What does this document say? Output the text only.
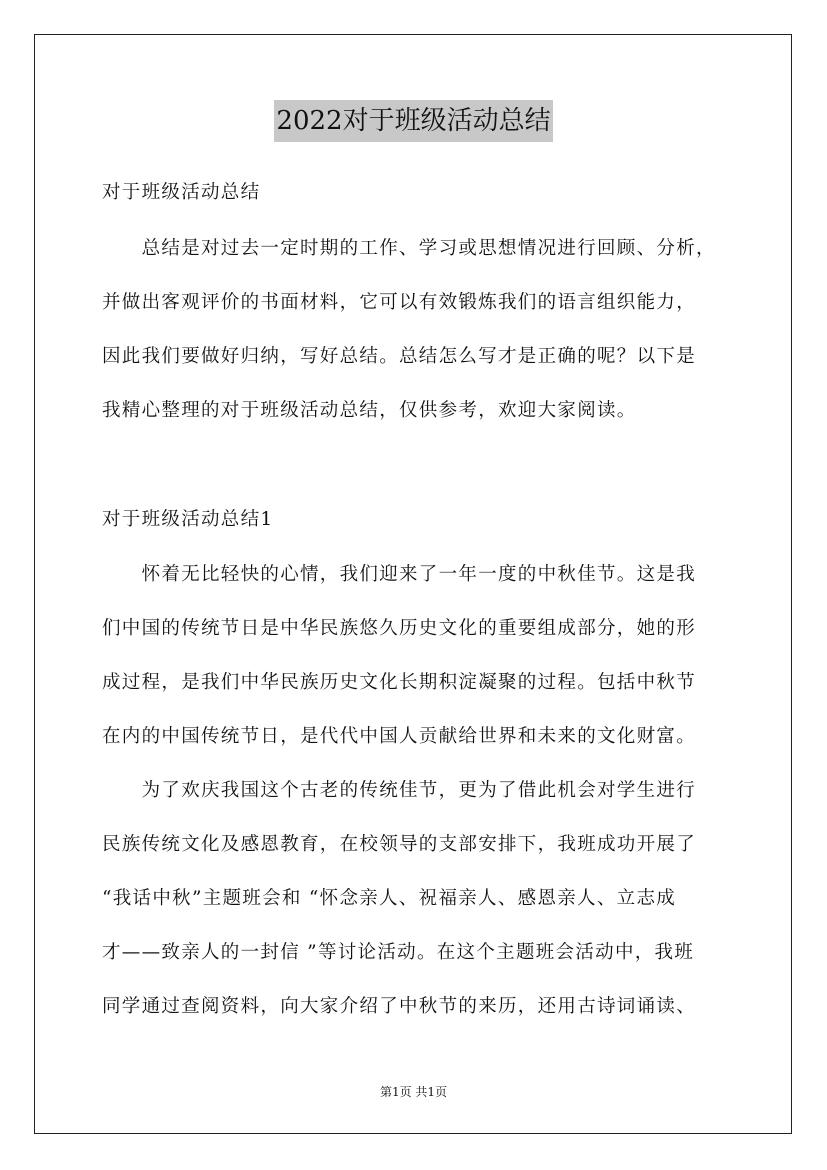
2022对于班级活动总结
对于班级活动总结
　　总结是对过去一定时期的工作、学习或思想情况进行回顾、分析，
并做出客观评价的书面材料，它可以有效锻炼我们的语言组织能力，
因此我们要做好归纳，写好总结。总结怎么写才是正确的呢？以下是
我精心整理的对于班级活动总结，仅供参考，欢迎大家阅读。
对于班级活动总结1
　　怀着无比轻快的心情，我们迎来了一年一度的中秋佳节。这是我
们中国的传统节日是中华民族悠久历史文化的重要组成部分，她的形
成过程，是我们中华民族历史文化长期积淀凝聚的过程。包括中秋节
在内的中国传统节日，是代代中国人贡献给世界和未来的文化财富。
　　为了欢庆我国这个古老的传统佳节，更为了借此机会对学生进行
民族传统文化及感恩教育，在校领导的支部安排下，我班成功开展了
“我话中秋”主题班会和 “怀念亲人、祝福亲人、感恩亲人、立志成
才——致亲人的一封信 ”等讨论活动。在这个主题班会活动中，我班
同学通过查阅资料，向大家介绍了中秋节的来历，还用古诗词诵读、
第1页 共1页
